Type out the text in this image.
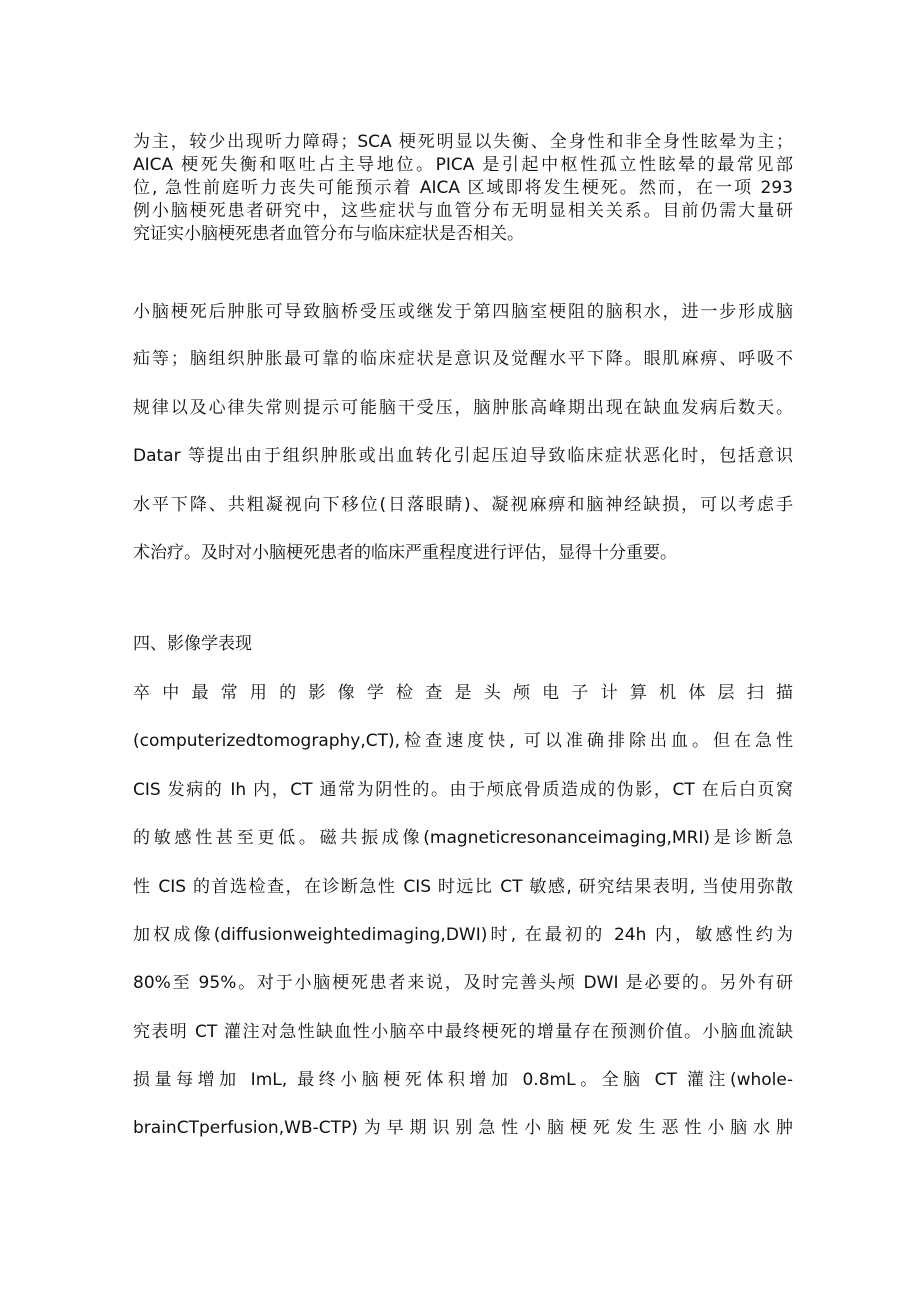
为主，较少出现听力障碍；SCA 梗死明显以失衡、全身性和非全身性眩晕为主；
AICA 梗死失衡和呕吐占主导地位。PICA 是引起中枢性孤立性眩晕的最常见部
位, 急性前庭听力丧失可能预示着 AICA 区域即将发生梗死。然而，在一项 293
例小脑梗死患者研究中，这些症状与血管分布无明显相关关系。目前仍需大量研
究证实小脑梗死患者血管分布与临床症状是否相关。
小脑梗死后肿胀可导致脑桥受压或继发于第四脑室梗阻的脑积水，进一步形成脑
疝等；脑组织肿胀最可靠的临床症状是意识及觉醒水平下降。眼肌麻痹、呼吸不
规律以及心律失常则提示可能脑干受压，脑肿胀高峰期出现在缺血发病后数天。
Datar 等提出由于组织肿胀或出血转化引起压迫导致临床症状恶化时，包括意识
水平下降、共粗凝视向下移位(日落眼睛)、凝视麻痹和脑神经缺损，可以考虑手
术治疗。及时对小脑梗死患者的临床严重程度进行评估，显得十分重要。
四、影像学表现
卒中最常用的影像学检查是头颅电子计算机体层扫描
(computerizedtomography,CT),检查速度快, 可以准确排除出血。但在急性
CIS 发病的 Ih 内，CT 通常为阴性的。由于颅底骨质造成的伪影，CT 在后白页窝
的敏感性甚至更低。磁共振成像(magneticresonanceimaging,MRI)是诊断急
性 CIS 的首选检查，在诊断急性 CIS 时远比 CT 敏感, 研究结果表明, 当使用弥散
加权成像(diffusionweightedimaging,DWI)时, 在最初的 24h 内，敏感性约为
80%至 95%。对于小脑梗死患者来说，及时完善头颅 DWI 是必要的。另外有研
究表明 CT 灌注对急性缺血性小脑卒中最终梗死的增量存在预测价值。小脑血流缺
损量每增加 ImL, 最终小脑梗死体积增加 0.8mL。全脑 CT 灌注(whole-
brainCTperfusion,WB-CTP)为早期识别急性小脑梗死发生恶性小脑水肿
